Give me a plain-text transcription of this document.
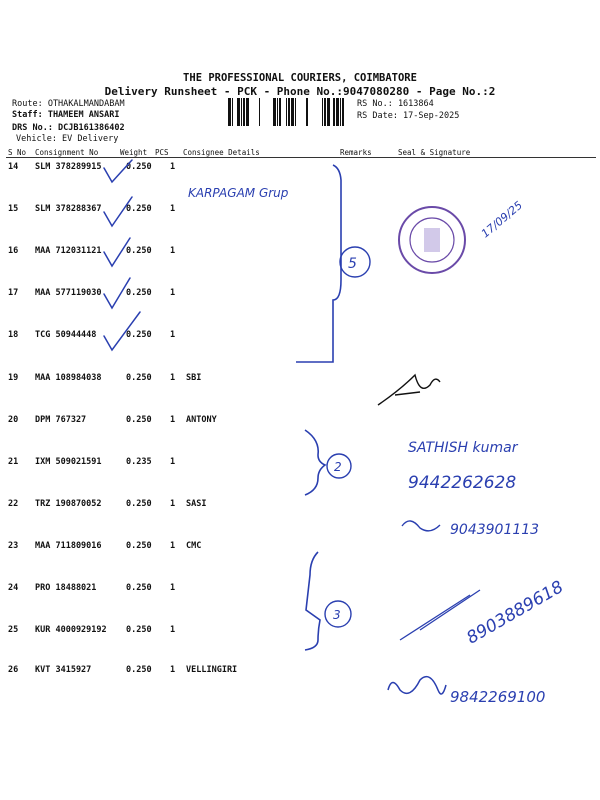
THE PROFESSIONAL COURIERS, COIMBATORE
Delivery Runsheet - PCK - Phone No.:9047080280 - Page No.:2
Route: OTHAKALMANDABAM
Staff: THAMEEM ANSARI
DRS No.: DCJB161386402
Vehicle: EV Delivery
RS No.: 1613864
RS Date: 17-Sep-2025
S No Consignment No	Weight PCS Consignee Details	Remarks	Seal & Signature
14 SLM 378289915	0.250 1
15 SLM 378288367	0.250 1
16 MAA 712031121	0.250 1
17 MAA 577119030	0.250 1
18 TCG 50944448	0.250 1
19 MAA 108984038	0.250 1 SBI
20 DPM 767327	0.250 1 ANTONY
21 IXM 509021591	0.235 1
22 TRZ 190870052	0.250 1 SASI
23 MAA 711809016	0.250 1 CMC
24 PRO 18488021	0.250 1
25 KUR 4000929192 0.250 1
26 KVT 3415927	0.250 1 VELLINGIRI
5
KARPAGAM Grup
17/09/25
2
SATHISH kumar
9442262628
9043901113
3	8903889618
9842269100
